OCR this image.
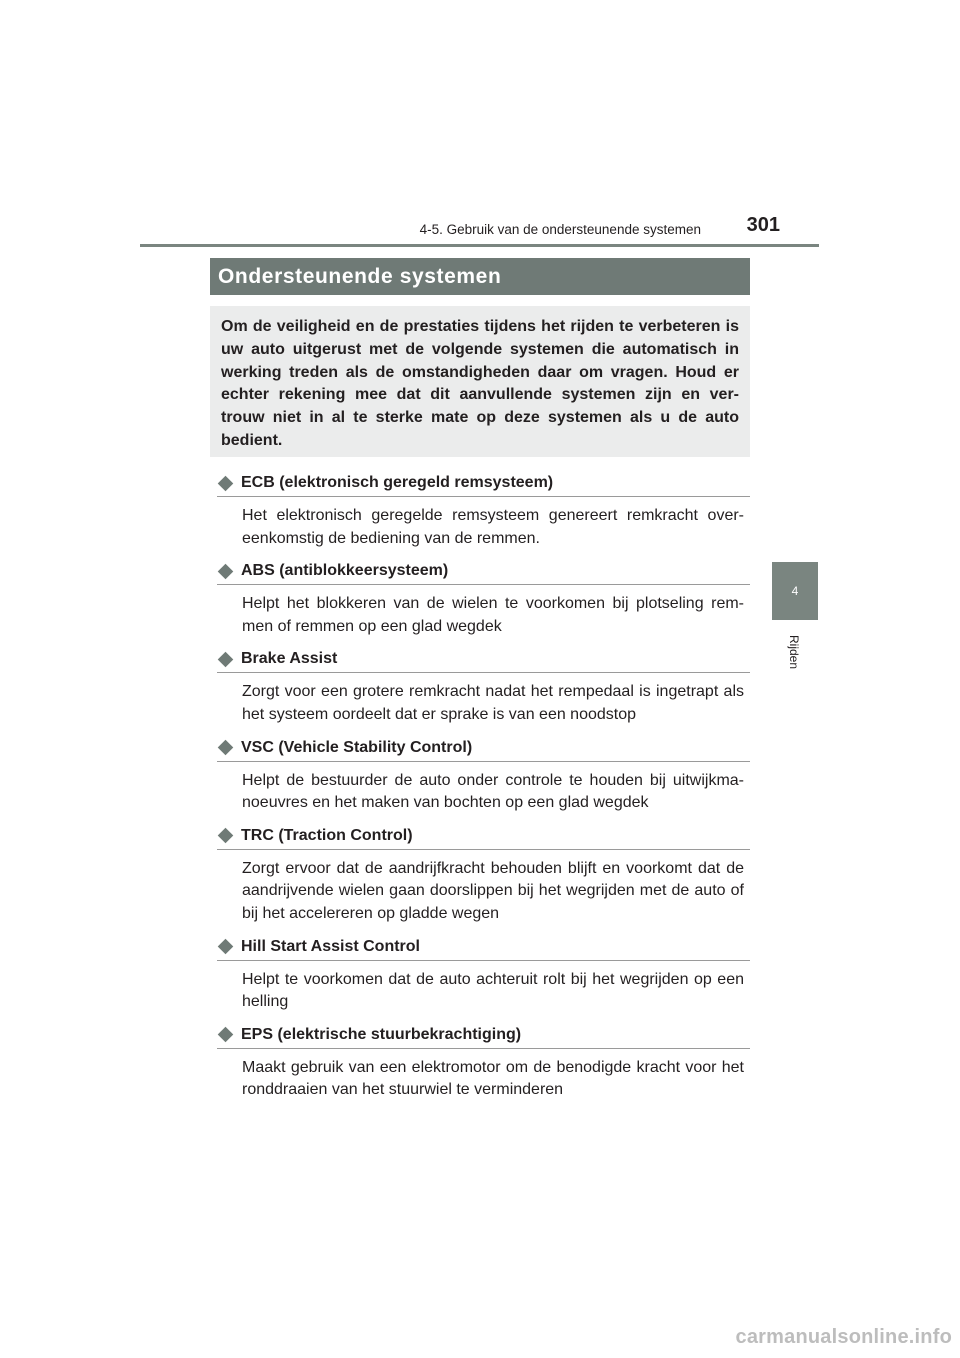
4-5. Gebruik van de ondersteunende systemen	301
4
Rijden
Ondersteunende systemen

Om de veiligheid en de prestaties tijdens het rijden te verbeteren is uw auto uitgerust met de volgende systemen die automatisch in werking treden als de omstandigheden daar om vragen. Houd er echter rekening mee dat dit aanvullende systemen zijn en ver- trouw niet in al te sterke mate op deze systemen als u de auto bedient.

ECB (elektronisch geregeld remsysteem)
Het elektronisch geregelde remsysteem genereert remkracht over- eenkomstig de bediening van de remmen.
ABS (antiblokkeersysteem)
Helpt het blokkeren van de wielen te voorkomen bij plotseling rem- men of remmen op een glad wegdek
Brake Assist
Zorgt voor een grotere remkracht nadat het rempedaal is ingetrapt als het systeem oordeelt dat er sprake is van een noodstop
VSC (Vehicle Stability Control)
Helpt de bestuurder de auto onder controle te houden bij uitwijkma- noeuvres en het maken van bochten op een glad wegdek
TRC (Traction Control)
Zorgt ervoor dat de aandrijfkracht behouden blijft en voorkomt dat de aandrijvende wielen gaan doorslippen bij het wegrijden met de auto of bij het accelereren op gladde wegen
Hill Start Assist Control
Helpt te voorkomen dat de auto achteruit rolt bij het wegrijden op een helling
EPS (elektrische stuurbekrachtiging)
Maakt gebruik van een elektromotor om de benodigde kracht voor het ronddraaien van het stuurwiel te verminderen
carmanualsonline.info
